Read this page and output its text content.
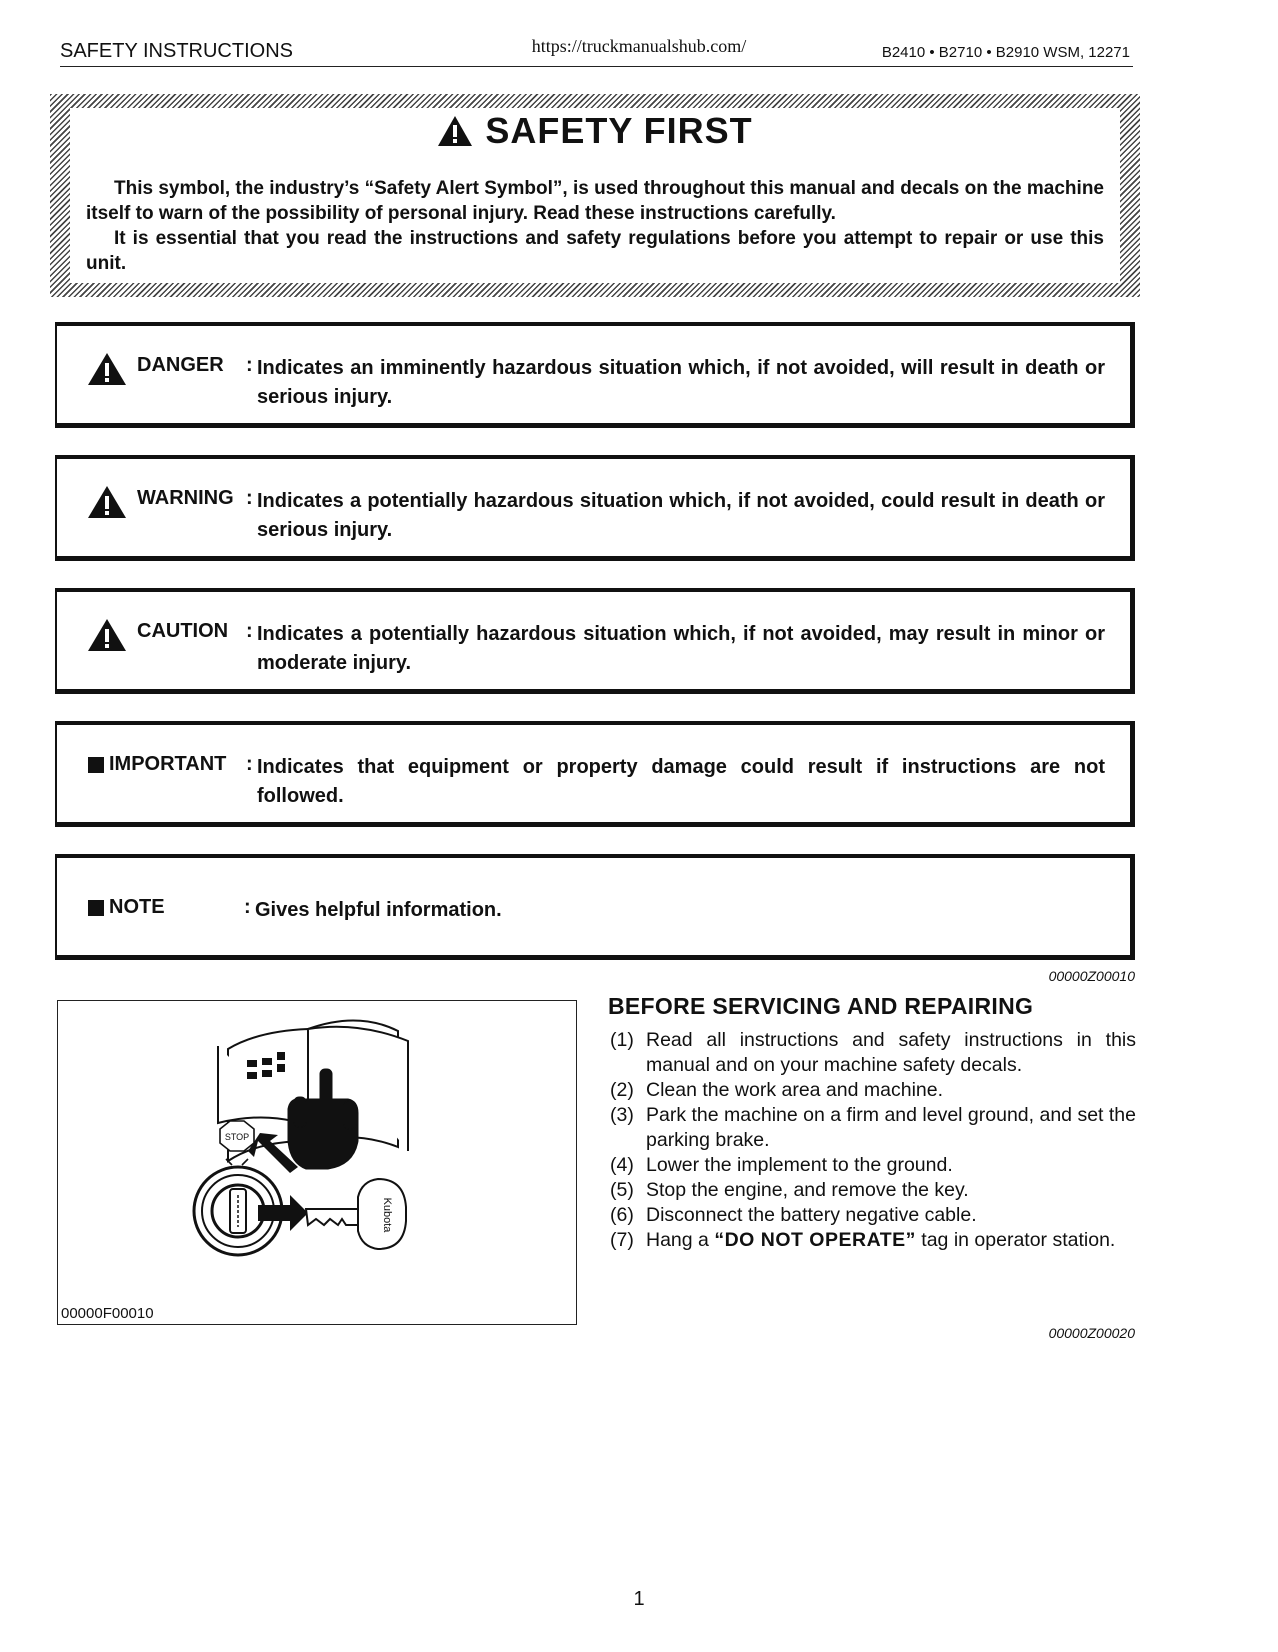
SAFETY INSTRUCTIONS	https://truckmanualshub.com/	B2410 • B2710 • B2910 WSM, 12271
SAFETY FIRST
This symbol, the industry’s “Safety Alert Symbol”, is used throughout this manual and decals on the machine itself to warn of the possibility of personal injury. Read these instructions carefully.
It is essential that you read the instructions and safety regulations before you attempt to repair or use this unit.
DANGER : Indicates an imminently hazardous situation which, if not avoided, will result in death or serious injury.
WARNING : Indicates a potentially hazardous situation which, if not avoided, could result in death or serious injury.
CAUTION : Indicates a potentially hazardous situation which, if not avoided, may result in minor or moderate injury.
IMPORTANT : Indicates that equipment or property damage could result if instructions are not followed.
NOTE	: Gives helpful information.
00000Z00010
STOP
Kubota
00000F00010
BEFORE SERVICING AND REPAIRING
(1) Read all instructions and safety instructions in this manual and on your machine safety decals.
(2) Clean the work area and machine.
(3) Park the machine on a firm and level ground, and set the parking brake.
(4) Lower the implement to the ground.
(5) Stop the engine, and remove the key.
(6) Disconnect the battery negative cable.
(7) Hang a “DO NOT OPERATE” tag in operator station.
00000Z00020
1
